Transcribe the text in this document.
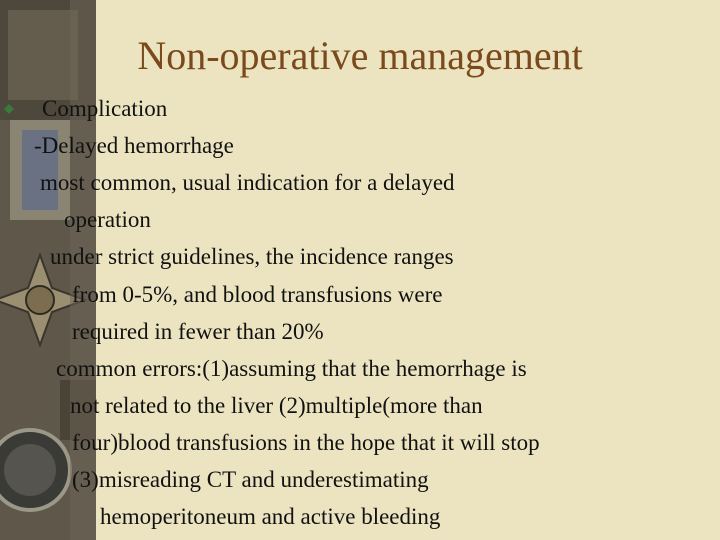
Non-operative management
Complication
-Delayed hemorrhage
most common, usual indication for a delayed
operation
under strict guidelines, the incidence ranges
from 0-5%, and blood transfusions were
required in fewer than 20%
common errors:(1)assuming that the hemorrhage is
not related to the liver (2)multiple(more than
four)blood transfusions in the hope that it will stop
(3)misreading CT and underestimating
hemoperitoneum and active bleeding
